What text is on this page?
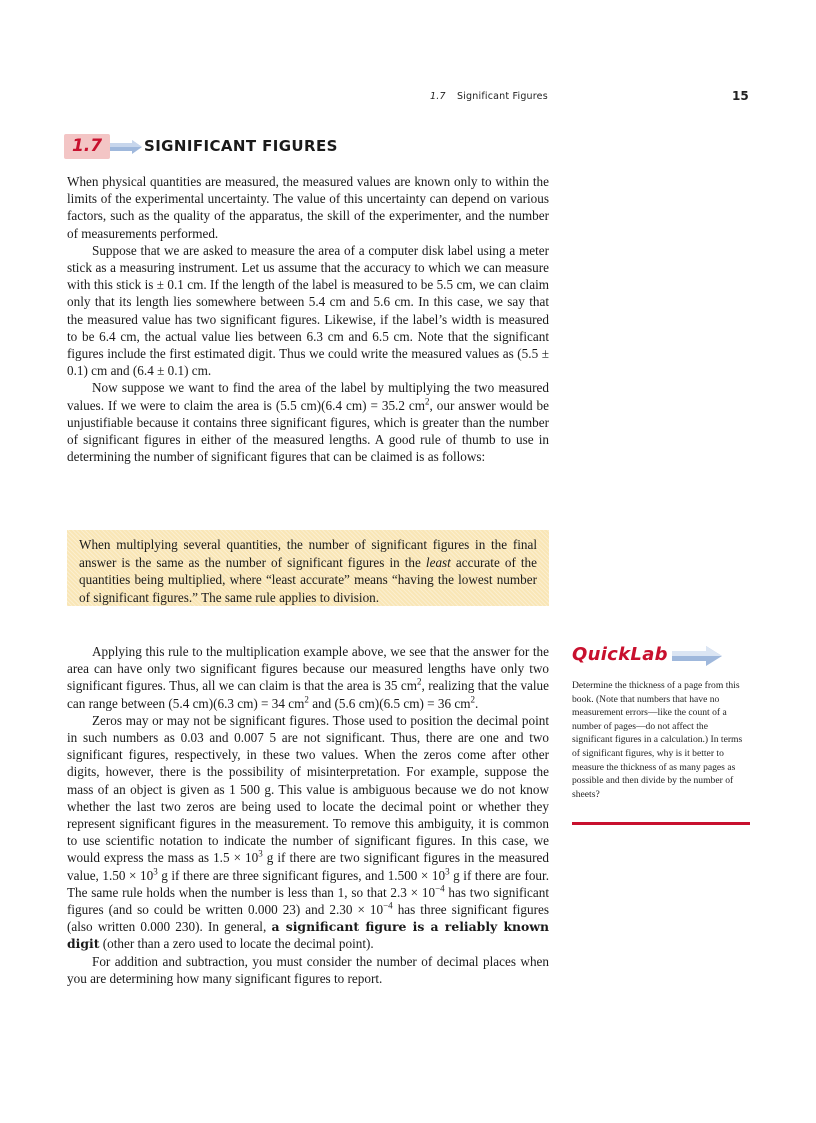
1.7 Significant Figures	15
1.7	SIGNIFICANT FIGURES

When physical quantities are measured, the measured values are known only to within the limits of the experimental uncertainty. The value of this uncertainty can depend on various factors, such as the quality of the apparatus, the skill of the experimenter, and the number of measurements performed.

Suppose that we are asked to measure the area of a computer disk label using a meter stick as a measuring instrument. Let us assume that the accuracy to which we can measure with this stick is ± 0.1 cm. If the length of the label is measured to be 5.5 cm, we can claim only that its length lies somewhere between 5.4 cm and 5.6 cm. In this case, we say that the measured value has two significant figures. Likewise, if the label’s width is measured to be 6.4 cm, the actual value lies between 6.3 cm and 6.5 cm. Note that the significant figures include the first estimated digit. Thus we could write the measured values as (5.5 ± 0.1) cm and (6.4 ± 0.1) cm.

Now suppose we want to find the area of the label by multiplying the two measured values. If we were to claim the area is (5.5 cm)(6.4 cm) = 35.2 $cm^2$, our answer would be unjustifiable because it contains three significant figures, which is greater than the number of significant figures in either of the measured lengths. A good rule of thumb to use in determining the number of significant figures that can be claimed is as follows:

When multiplying several quantities, the number of significant figures in the final answer is the same as the number of significant figures in the least accurate of the quantities being multiplied, where “least accurate” means “having the lowest number of significant figures.” The same rule applies to division.

Applying this rule to the multiplication example above, we see that the answer for the area can have only two significant figures because our measured lengths have only two significant figures. Thus, all we can claim is that the area is 35 $cm^2$, realizing that the value can range between (5.4 cm)(6.3 cm) = 34 $cm^2$ and (5.6 cm)(6.5 cm) = 36 $cm^2$.

Zeros may or may not be significant figures. Those used to position the decimal point in such numbers as 0.03 and 0.007 5 are not significant. Thus, there are one and two significant figures, respectively, in these two values. When the zeros come after other digits, however, there is the possibility of misinterpretation. For example, suppose the mass of an object is given as 1 500 g. This value is ambiguous because we do not know whether the last two zeros are being used to locate the decimal point or whether they represent significant figures in the measurement. To remove this ambiguity, it is common to use scientific notation to indicate the number of significant figures. In this case, we would express the mass as $1.5 \times 10^3$ g if there are two significant figures in the measured value, $1.50 \times 10^3$ g if there are three significant figures, and $1.500 \times 10^3$ g if there are four. The same rule holds when the number is less than 1, so that $2.3 \times 10^{-4}$ has two significant figures (and so could be written 0.000 23) and $2.30 \times 10^{-4}$ has three significant figures (also written 0.000 230). In general, a significant figure is a reliably known digit (other than a zero used to locate the decimal point).

For addition and subtraction, you must consider the number of decimal places when you are determining how many significant figures to report.

QuickLab
Determine the thickness of a page from this book. (Note that numbers that have no measurement errors—like the count of a number of pages—do not affect the significant figures in a calculation.) In terms of significant figures, why is it better to measure the thickness of as many pages as possible and then divide by the number of sheets?
